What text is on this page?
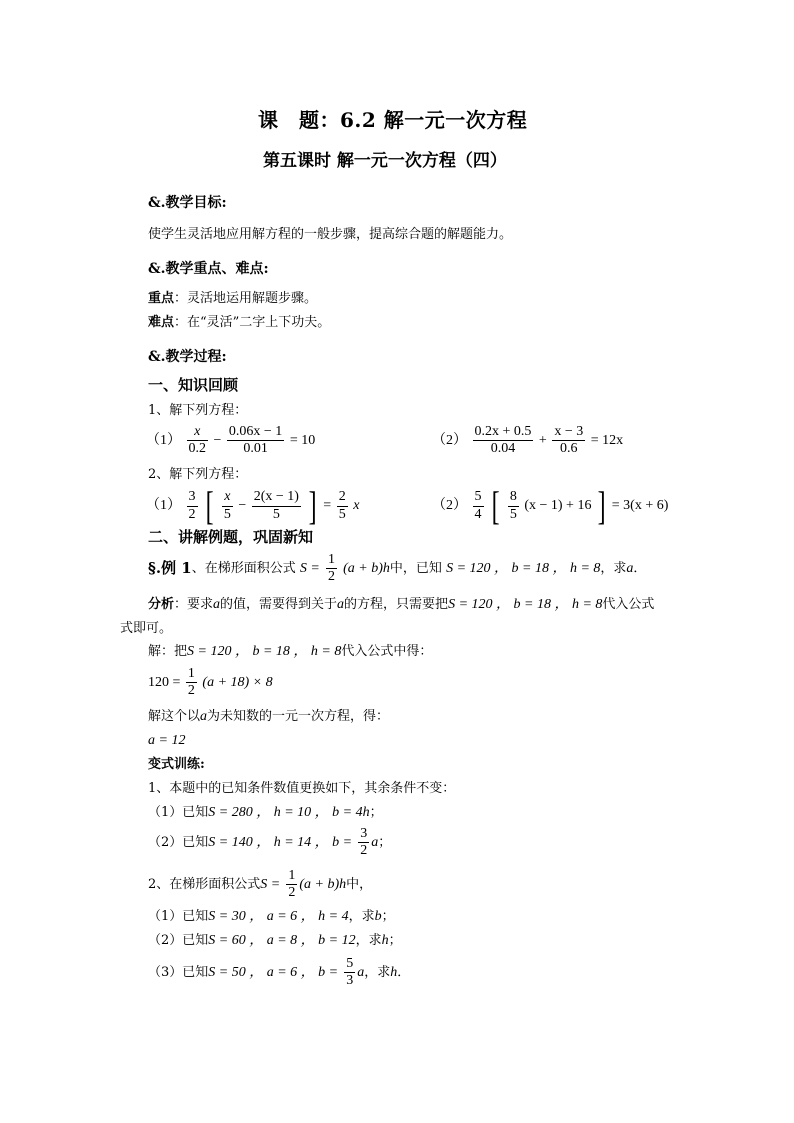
课　题：6.2 解一元一次方程
第五课时 解一元一次方程（四）
&.教学目标:
使学生灵活地应用解方程的一般步骤，提高综合题的解题能力。
&.教学重点、难点:
重点：灵活地运用解题步骤。
难点：在“灵活”二字上下功夫。
&.教学过程:
一、知识回顾
1、解下列方程：
$(1) \frac{x}{0.2} - \frac{0.06x - 1}{0.01} = 10$	$(2) \frac{0.2x + 0.5}{0.04} + \frac{x - 3}{0.6} = 12x$
2、解下列方程：
$(1) \frac{3}{2}$ [ $\frac{x}{5} - \frac{2(x - 1)}{5}$ ] = $\frac{2}{5}$ x	$(2) \frac{5}{4}$ [ $\frac{8}{5} (x - 1) + 16$ ] = 3(x + 6)
二、讲解例题，巩固新知
§.例 1、在梯形面积公式 $S = \frac{1}{2} (a + b)h$中，已知 S = 120 ， b = 18 ， h = 8，求a．
分析：要求a的值，需要得到关于a的方程，只需要把S = 120 ， b = 18 ， h = 8代入公式
式即可。
解：把S = 120 ， b = 18 ， h = 8代入公式中得：
$120 = \frac{1}{2} (a + 18) \times 8$
解这个以a为未知数的一元一次方程，得：
a = 12
变式训练:
1、本题中的已知条件数值更换如下，其余条件不变：
（1）已知S = 280 ， h = 10 ， b = 4h；
（2）已知S = 140 ， h = 14 ， $b = \frac{3}{2}$ a；
2、在梯形面积公式$S = \frac{1}{2} (a + b)h$中，
（1）已知S = 30 ， a = 6 ， h = 4，求b；
（2）已知S = 60 ， a = 8 ， b = 12，求h；
（3）已知S = 50 ， a = 6 ， $b = \frac{5}{3}$ a，求h．
